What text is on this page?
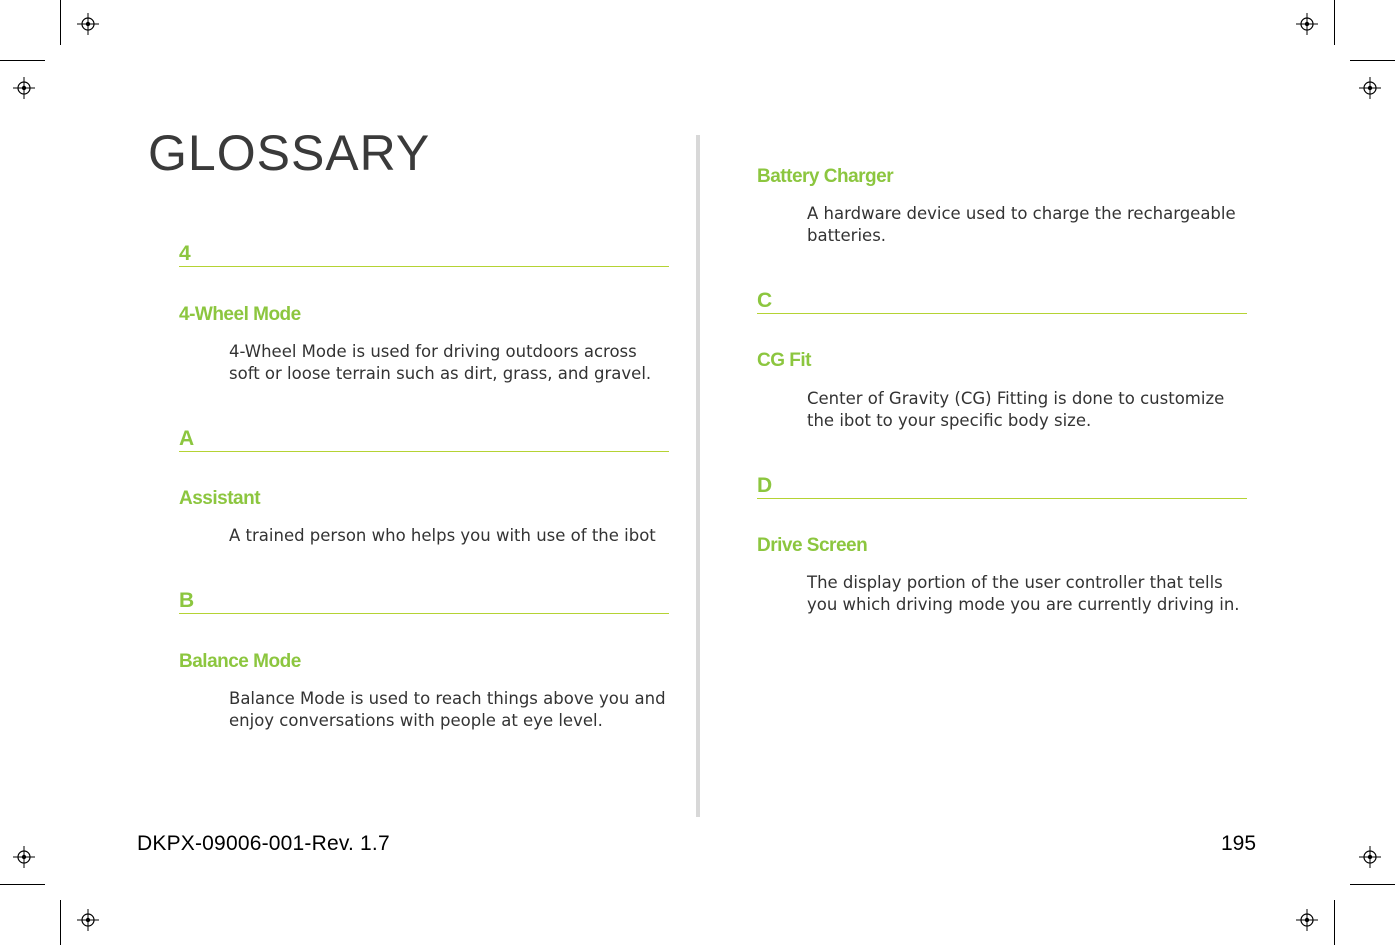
GLOSSARY
4
4-Wheel Mode
4-Wheel Mode is used for driving outdoors across soft or loose terrain such as dirt, grass, and gravel.
A
Assistant
A trained person who helps you with use of the ibot
B
Balance Mode
Balance Mode is used to reach things above you and enjoy conversations with people at eye level.
Battery Charger
A hardware device used to charge the rechargeable batteries.
C
CG Fit
Center of Gravity (CG) Fitting is done to customize the ibot to your specific body size.
D
Drive Screen
The display portion of the user controller that tells you which driving mode you are currently driving in.
DKPX-09006-001-Rev. 1.7	195
